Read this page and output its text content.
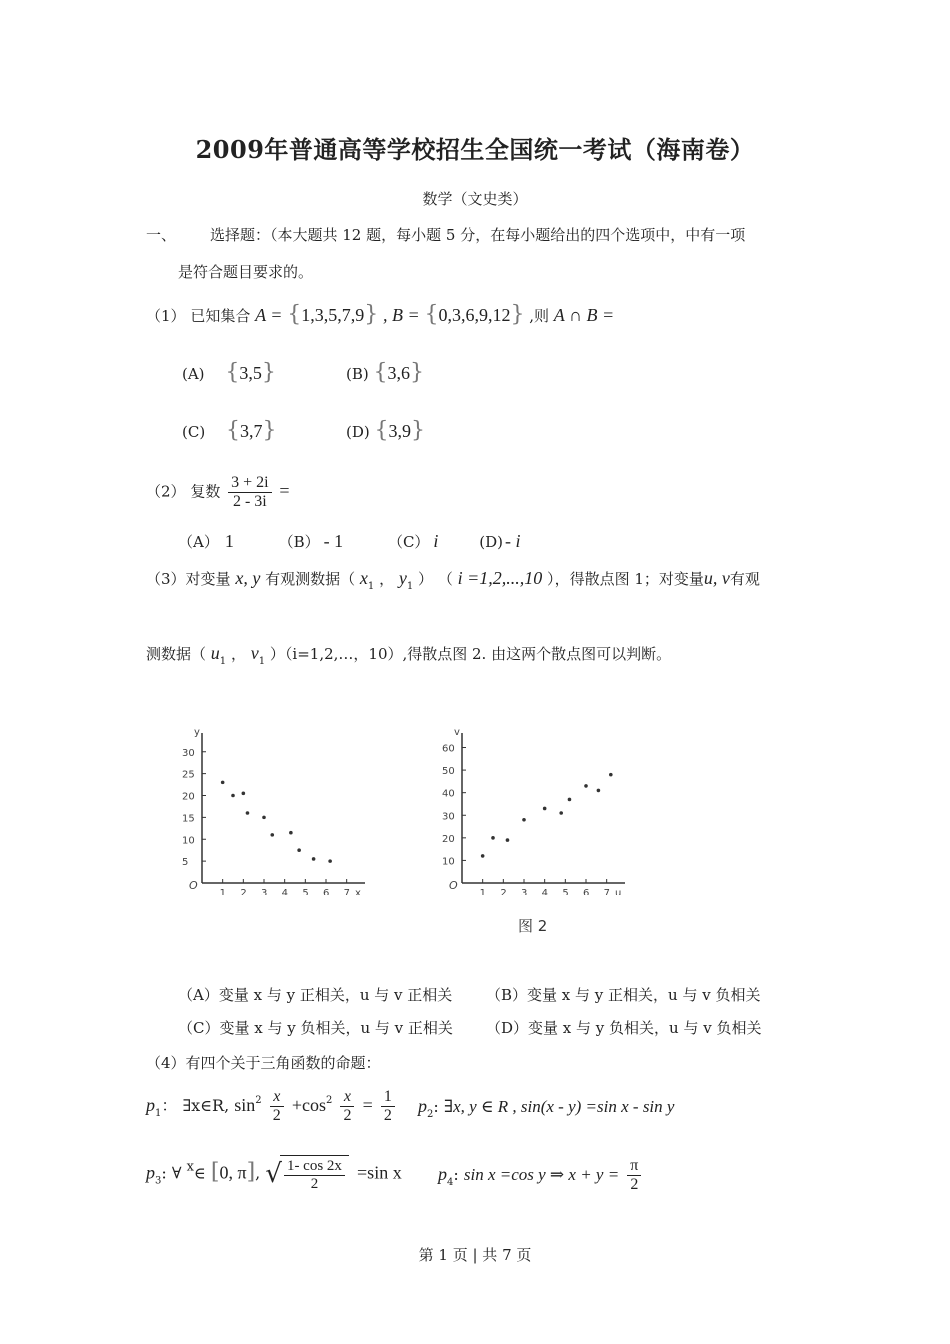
2009年普通高等学校招生全国统一考试（海南卷）
数学（文史类）
一、 选择题：（本大题共 12 题，每小题 5 分，在每小题给出的四个选项中，中有一项
是符合题目要求的。
（1） 已知集合 A = {1,3,5,7,9} , B = {0,3,6,9,12} ,则 A ∩ B =
(A) {3,5}	(B) {3,6}
(C) {3,7}	(D) {3,9}
（2） 复数 $\frac{3 + 2i}{2 - 3i}$ =
（A） 1	（B） - 1	（C） i	(D) - i
（3）对变量 x, y 有观测数据（ $x_1$ ， $y_1$ ） （ i =1,2,...,10 ），得散点图 1；对变量u, v有观
测数据（ $u_1$ ， $v_1$ ）（i=1,2,…，10）,得散点图 2. 由这两个散点图可以判断。
x
y
O
1 2 3 4 5 6 7
5
10
15
20
25
30
u
v
O
1 2 3 4 5 6 7
10
20
30
40
50
60
图 2
（A）变量 x 与 y 正相关，u 与 v 正相关 （B）变量 x 与 y 正相关，u 与 v 负相关
（C）变量 x 与 y 负相关，u 与 v 正相关 （D）变量 x 与 y 负相关，u 与 v 负相关
（4）有四个关于三角函数的命题：
$p_1$： ∃x∈R, $\sin^2 \frac{x}{2} +\cos^2 \frac{x}{2} = \frac{1}{2} p_2$: ∃x, y ∈ R , sin(x - y) =sin x - sin y
$p_3$: ∀ $^x$∈ [0, π], √
$\frac{1- \cos 2x}{2} =\sin$ x $p_4$: sin x =cos y ⇒ $x + y = \frac{\pi}{2}$
第 1 页 | 共 7 页
